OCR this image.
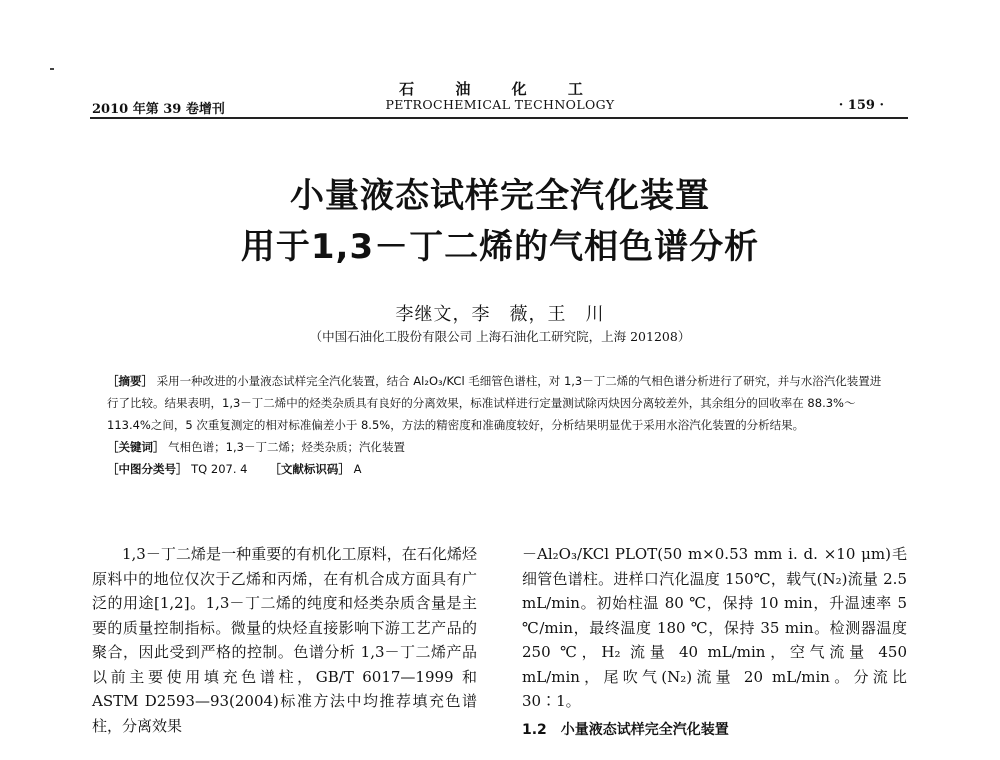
石 油 化 工
2010 年第 39 卷增刊	PETROCHEMICAL TECHNOLOGY	· 159 ·
小量液态试样完全汽化装置
用于1,3－丁二烯的气相色谱分析
李继文，李　薇，王　川
（中国石油化工股份有限公司 上海石油化工研究院，上海 201208）

［摘要］ 采用一种改进的小量液态试样完全汽化装置，结合 Al₂O₃/KCl 毛细管色谱柱，对 1,3－丁二烯的气相色谱分析进行了研究，并与水浴汽化装置进行了比较。结果表明，1,3－丁二烯中的烃类杂质具有良好的分离效果，标准试样进行定量测试除丙炔因分离较差外，其余组分的回收率在 88.3%～113.4%之间，5 次重复测定的相对标准偏差小于 8.5%，方法的精密度和准确度较好，分析结果明显优于采用水浴汽化装置的分析结果。

［关键词］ 气相色谱；1,3－丁二烯；烃类杂质；汽化装置

［中图分类号］ TQ 207. 4 ［文献标识码］ A

1,3－丁二烯是一种重要的有机化工原料，在石化烯烃原料中的地位仅次于乙烯和丙烯，在有机合成方面具有广泛的用途[1,2]。1,3－丁二烯的纯度和烃类杂质含量是主要的质量控制指标。微量的炔烃直接影响下游工艺产品的聚合，因此受到严格的控制。色谱分析 1,3－丁二烯产品以前主要使用填充色谱柱，GB/T 6017—1999 和 ASTM D2593—93(2004)标准方法中均推荐填充色谱柱，分离效果

－Al₂O₃/KCl PLOT(50 m×0.53 mm i. d. ×10 μm)毛细管色谱柱。进样口汽化温度 150℃，载气(N₂)流量 2.5 mL/min。初始柱温 80 ℃，保持 10 min，升温速率 5 ℃/min，最终温度 180 ℃，保持 35 min。检测器温度 250 ℃，H₂ 流量 40 mL/min，空气流量 450 mL/min，尾吹气(N₂)流量 20 mL/min。分流比 30∶1。

1.2　小量液态试样完全汽化装置
